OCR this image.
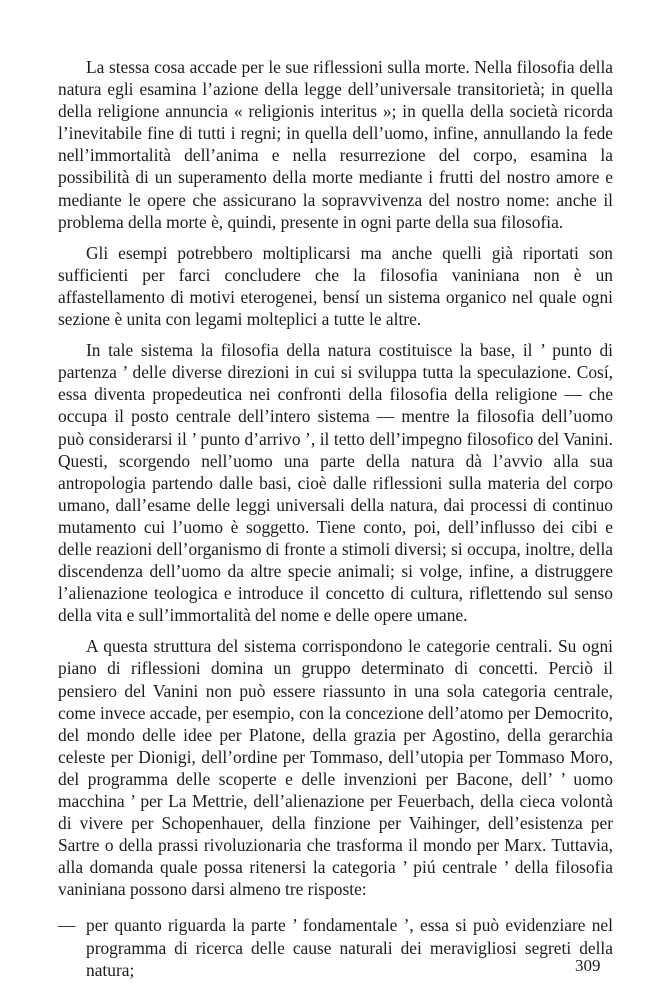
La stessa cosa accade per le sue riflessioni sulla morte. Nella filosofia della natura egli esamina l’azione della legge dell’universale transitorietà; in quella della religione annuncia « religionis interitus »; in quella della società ricorda l’inevitabile fine di tutti i regni; in quella dell’uomo, infine, annullando la fede nell’immortalità dell’anima e nella resurrezione del corpo, esamina la possibilità di un superamento della morte mediante i frutti del nostro amore e mediante le opere che assicurano la sopravvivenza del nostro nome: anche il problema della morte è, quindi, presente in ogni parte della sua filosofia.

Gli esempi potrebbero moltiplicarsi ma anche quelli già riportati son sufficienti per farci concludere che la filosofia vaniniana non è un affastellamento di motivi eterogenei, bensí un sistema organico nel quale ogni sezione è unita con legami molteplici a tutte le altre.

In tale sistema la filosofia della natura costituisce la base, il ’ punto di partenza ’ delle diverse direzioni in cui si sviluppa tutta la speculazione. Cosí, essa diventa propedeutica nei confronti della filosofia della religione — che occupa il posto centrale dell’intero sistema — mentre la filosofia dell’uomo può considerarsi il ’ punto d’arrivo ’, il tetto dell’impegno filosofico del Vanini. Questi, scorgendo nell’uomo una parte della natura dà l’avvio alla sua antropologia partendo dalle basi, cioè dalle riflessioni sulla materia del corpo umano, dall’esame delle leggi universali della natura, dai processi di continuo mutamento cui l’uomo è soggetto. Tiene conto, poi, dell’influsso dei cibi e delle reazioni dell’organismo di fronte a stimoli diversi; si occupa, inoltre, della discendenza dell’uomo da altre specie animali; si volge, infine, a distruggere l’alienazione teologica e introduce il concetto di cultura, riflettendo sul senso della vita e sull’immortalità del nome e delle opere umane.

A questa struttura del sistema corrispondono le categorie centrali. Su ogni piano di riflessioni domina un gruppo determinato di concetti. Perciò il pensiero del Vanini non può essere riassunto in una sola categoria centrale, come invece accade, per esempio, con la concezione dell’atomo per Democrito, del mondo delle idee per Platone, della grazia per Agostino, della gerarchia celeste per Dionigi, dell’ordine per Tommaso, dell’utopia per Tommaso Moro, del programma delle scoperte e delle invenzioni per Bacone, dell’ ’ uomo macchina ’ per La Mettrie, dell’alienazione per Feuerbach, della cieca volontà di vivere per Schopenhauer, della finzione per Vaihinger, dell’esistenza per Sartre o della prassi rivoluzionaria che trasforma il mondo per Marx. Tuttavia, alla domanda quale possa ritenersi la categoria ’ piú centrale ’ della filosofia vaniniana possono darsi almeno tre risposte:

— per quanto riguarda la parte ’ fondamentale ’, essa si può evidenziare nel programma di ricerca delle cause naturali dei meravigliosi segreti della natura;	309
